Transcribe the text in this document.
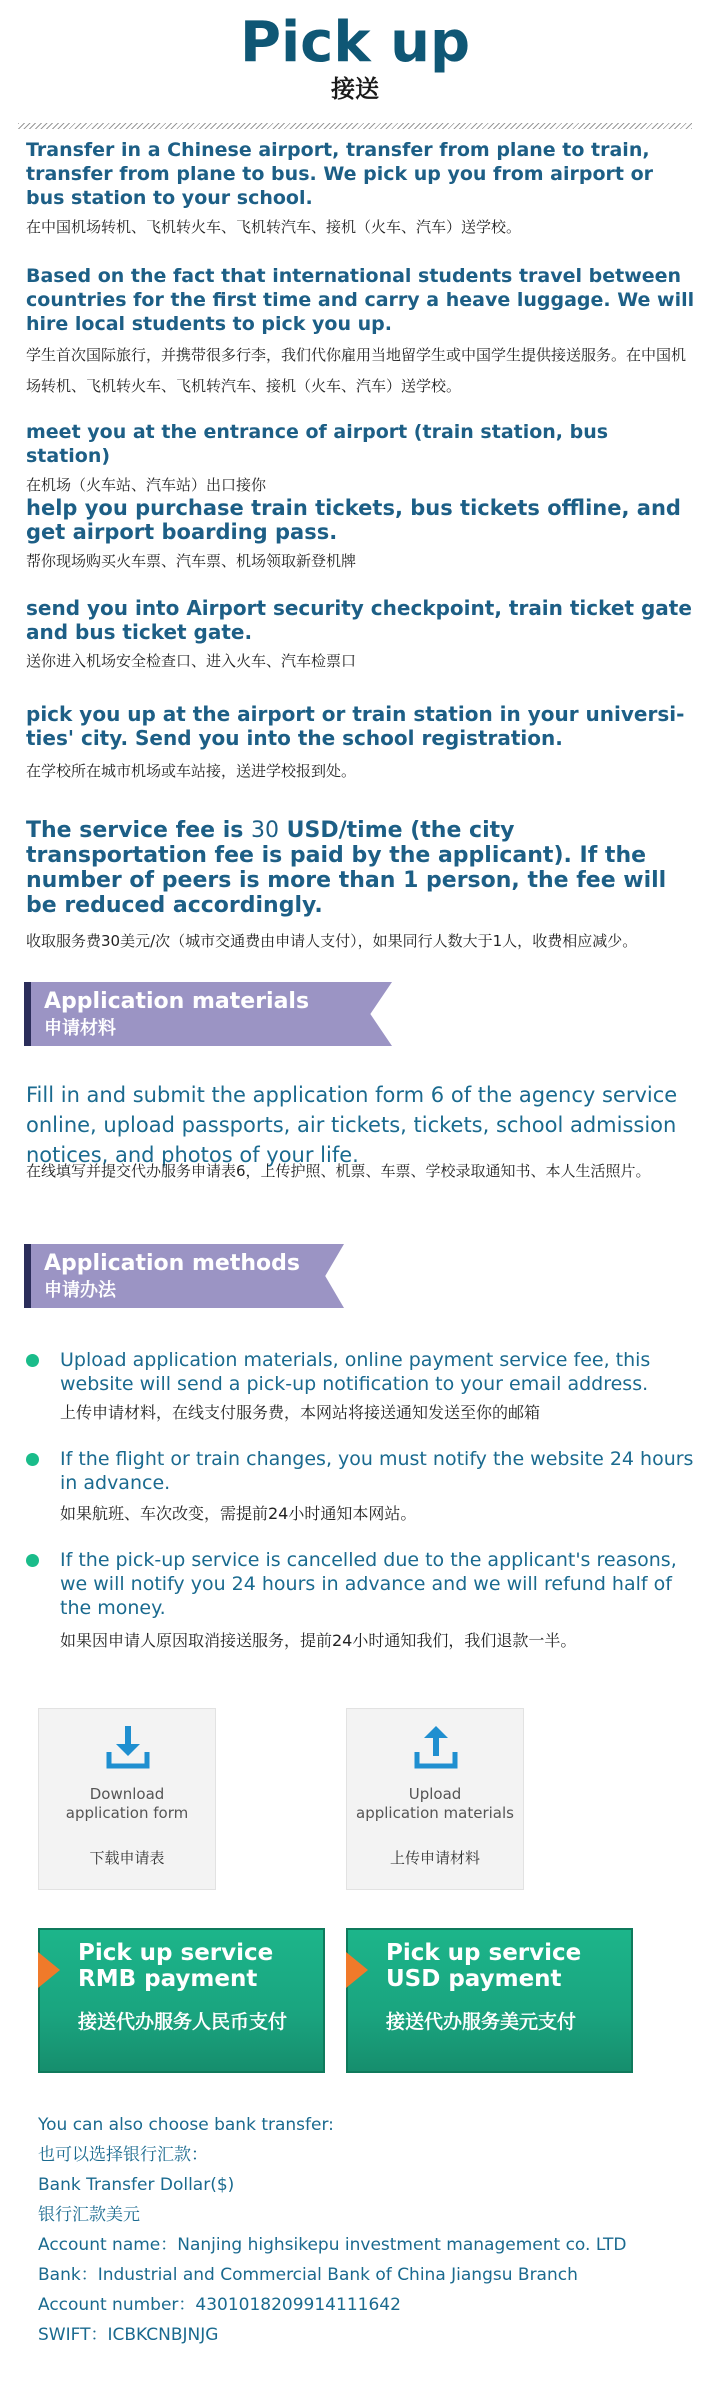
Pick up
接送
Transfer in a Chinese airport, transfer from plane to train, transfer from plane to bus. We pick up you from airport or bus station to your school.
在中国机场转机、飞机转火车、飞机转汽车、接机（火车、汽车）送学校。
Based on the fact that international students travel between countries for the first time and carry a heave luggage. We will hire local students to pick you up.
学生首次国际旅行，并携带很多行李，我们代你雇用当地留学生或中国学生提供接送服务。在中国机场转机、飞机转火车、飞机转汽车、接机（火车、汽车）送学校。
meet you at the entrance of airport (train station, bus station)
在机场（火车站、汽车站）出口接你
help you purchase train tickets, bus tickets offline, and get airport boarding pass.
帮你现场购买火车票、汽车票、机场领取新登机牌
send you into Airport security checkpoint, train ticket gate and bus ticket gate.
送你进入机场安全检查口、进入火车、汽车检票口
pick you up at the airport or train station in your universi-ties' city. Send you into the school registration.
在学校所在城市机场或车站接，送进学校报到处。
The service fee is 30 USD/time (the city transportation fee is paid by the applicant). If the number of peers is more than 1 person, the fee will be reduced accordingly.
收取服务费30美元/次（城市交通费由申请人支付），如果同行人数大于1人，收费相应减少。
Application materials
申请材料
Fill in and submit the application form 6 of the agency service online, upload passports, air tickets, tickets, school admission notices, and photos of your life.
在线填写并提交代办服务申请表6，上传护照、机票、车票、学校录取通知书、本人生活照片。
Application methods
申请办法
Upload application materials, online payment service fee, this website will send a pick-up notification to your email address.
上传申请材料，在线支付服务费，本网站将接送通知发送至你的邮箱
If the flight or train changes, you must notify the website 24 hours in advance.
如果航班、车次改变，需提前24小时通知本网站。
If the pick-up service is cancelled due to the applicant's reasons, we will notify you 24 hours in advance and we will refund half of the money.
如果因申请人原因取消接送服务，提前24小时通知我们，我们退款一半。
Download
application form
下载申请表
Upload
application materials
上传申请材料
Pick up service RMB payment
接送代办服务人民币支付
Pick up service USD payment
接送代办服务美元支付
You can also choose bank transfer:
也可以选择银行汇款：
Bank Transfer Dollar($)
银行汇款美元
Account name：Nanjing highsikepu investment management co. LTD
Bank：Industrial and Commercial Bank of China Jiangsu Branch
Account number：4301018209914111642
SWIFT：ICBKCNBJNJG
